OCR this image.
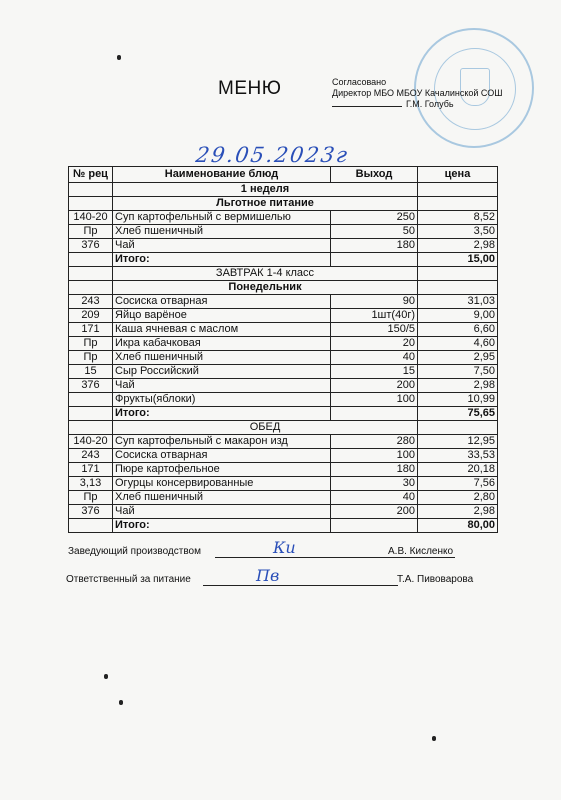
МЕНЮ	Согласовано
Директор МБО МБОУ Качалинской СОШ
Г.М. Голубь
29.05.2023г
№ рец	Наименование блюд	Выход	цена
	1 неделя		
	Льготное питание		
140-20	Суп картофельный с вермишелью	250	8,52
Пр	Хлеб пшеничный	50	3,50
376	Чай	180	2,98
	Итого:		15,00
	ЗАВТРАК 1-4 класс		
	Понедельник		
243	Сосиска отварная	90	31,03
209	Яйцо варёное	1шт(40г)	9,00
171	Каша ячневая с маслом	150/5	6,60
Пр	Икра кабачковая	20	4,60
Пр	Хлеб пшеничный	40	2,95
15	Сыр Российский	15	7,50
376	Чай	200	2,98
	Фрукты(яблоки)	100	10,99
	Итого:		75,65
	ОБЕД		
140-20	Суп картофельный с макарон изд	280	12,95
243	Сосиска отварная	100	33,53
171	Пюре картофельное	180	20,18
3,13	Огурцы консервированные	30	7,56
Пр	Хлеб пшеничный	40	2,80
376	Чай	200	2,98
	Итого:		80,00
Заведующий производством	Ки	А.В. Кисленко
Ответственный за питание	Пв	Т.А. Пивоварова
